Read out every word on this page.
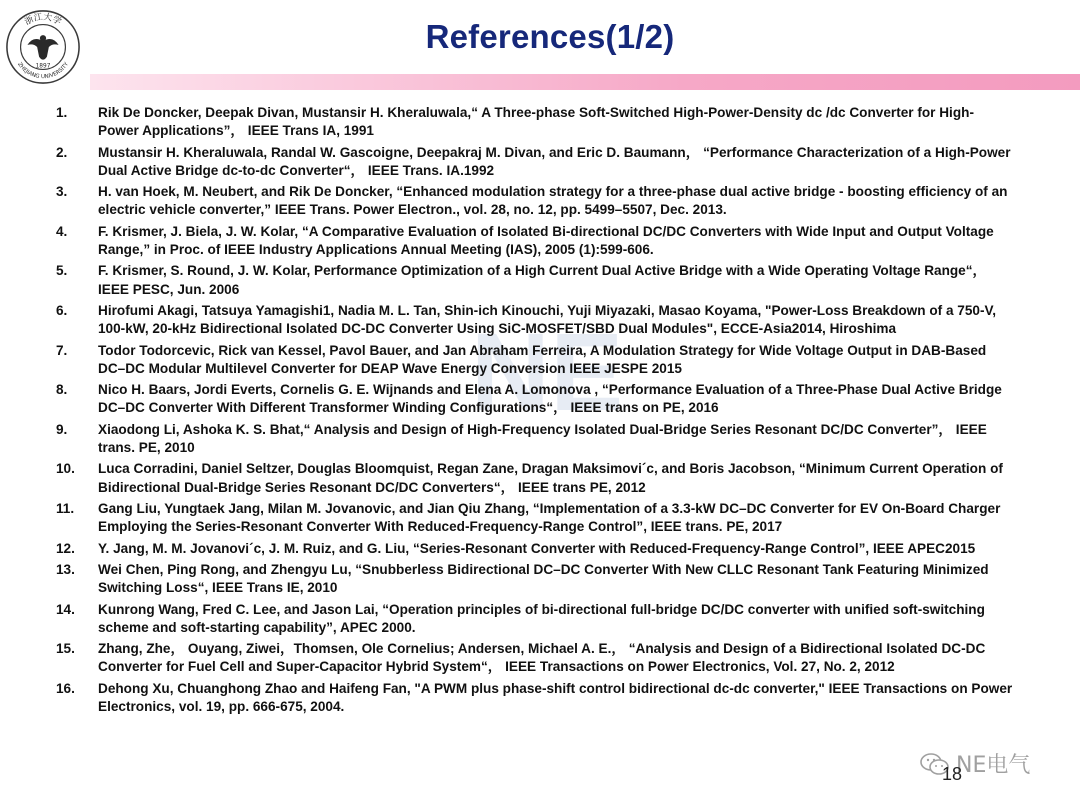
浙江大学
1897
ZHEJIANG UNIVERSITY
References(1/2)
NE
1. Rik De Doncker, Deepak Divan, Mustansir H. Kheraluwala,“ A Three-phase Soft-Switched High-Power-Density dc /dc Converter for High-Power Applications”， IEEE Trans IA, 1991
2. Mustansir H. Kheraluwala, Randal W. Gascoigne, Deepakraj M. Divan, and Eric D. Baumann， “Performance Characterization of a High-Power Dual Active Bridge dc-to-dc Converter“， IEEE Trans. IA.1992
3. H. van Hoek, M. Neubert, and Rik De Doncker, “Enhanced modulation strategy for a three-phase dual active bridge - boosting efficiency of an electric vehicle converter,” IEEE Trans. Power Electron., vol. 28, no. 12, pp. 5499–5507, Dec. 2013.
4. F. Krismer, J. Biela, J. W. Kolar, “A Comparative Evaluation of Isolated Bi-directional DC/DC Converters with Wide Input and Output Voltage Range,” in Proc. of IEEE Industry Applications Annual Meeting (IAS), 2005 (1):599-606.
5. F. Krismer, S. Round, J. W. Kolar, Performance Optimization of a High Current Dual Active Bridge with a Wide Operating Voltage Range“， IEEE PESC, Jun. 2006
6. Hirofumi Akagi, Tatsuya Yamagishi1, Nadia M. L. Tan, Shin-ich Kinouchi, Yuji Miyazaki, Masao Koyama, "Power-Loss Breakdown of a 750-V, 100-kW, 20-kHz Bidirectional Isolated DC-DC Converter Using SiC-MOSFET/SBD Dual Modules", ECCE-Asia2014, Hiroshima
7. Todor Todorcevic, Rick van Kessel, Pavol Bauer, and Jan Abraham Ferreira, A Modulation Strategy for Wide Voltage Output in DAB-Based DC–DC Modular Multilevel Converter for DEAP Wave Energy Conversion IEEE JESPE 2015
8. Nico H. Baars, Jordi Everts, Cornelis G. E. Wijnands and Elena A. Lomonova , “Performance Evaluation of a Three-Phase Dual Active Bridge DC–DC Converter With Different Transformer Winding Configurations“， IEEE trans on PE, 2016
9. Xiaodong Li, Ashoka K. S. Bhat,“ Analysis and Design of High-Frequency Isolated Dual-Bridge Series Resonant DC/DC Converter”， IEEE trans. PE, 2010
10. Luca Corradini, Daniel Seltzer, Douglas Bloomquist, Regan Zane, Dragan Maksimovi´c, and Boris Jacobson, “Minimum Current Operation of Bidirectional Dual-Bridge Series Resonant DC/DC Converters“， IEEE trans PE, 2012
11. Gang Liu, Yungtaek Jang, Milan M. Jovanovic, and Jian Qiu Zhang, “Implementation of a 3.3-kW DC–DC Converter for EV On-Board Charger Employing the Series-Resonant Converter With Reduced-Frequency-Range Control”, IEEE trans. PE, 2017
12. Y. Jang, M. M. Jovanovi´c, J. M. Ruiz, and G. Liu, “Series-Resonant Converter with Reduced-Frequency-Range Control”, IEEE APEC2015
13. Wei Chen, Ping Rong, and Zhengyu Lu, “Snubberless Bidirectional DC–DC Converter With New CLLC Resonant Tank Featuring Minimized Switching Loss“, IEEE Trans IE, 2010
14. Kunrong Wang, Fred C. Lee, and Jason Lai, “Operation principles of bi-directional full-bridge DC/DC converter with unified soft-switching scheme and soft-starting capability”, APEC 2000.
15. Zhang, Zhe， Ouyang, Ziwei，Thomsen, Ole Cornelius; Andersen, Michael A. E.， “Analysis and Design of a Bidirectional Isolated DC-DC Converter for Fuel Cell and Super-Capacitor Hybrid System“， IEEE Transactions on Power Electronics, Vol. 27, No. 2, 2012
16. Dehong Xu, Chuanghong Zhao and Haifeng Fan, "A PWM plus phase-shift control bidirectional dc-dc converter," IEEE Transactions on Power Electronics, vol. 19, pp. 666-675, 2004.
NE电气
18
